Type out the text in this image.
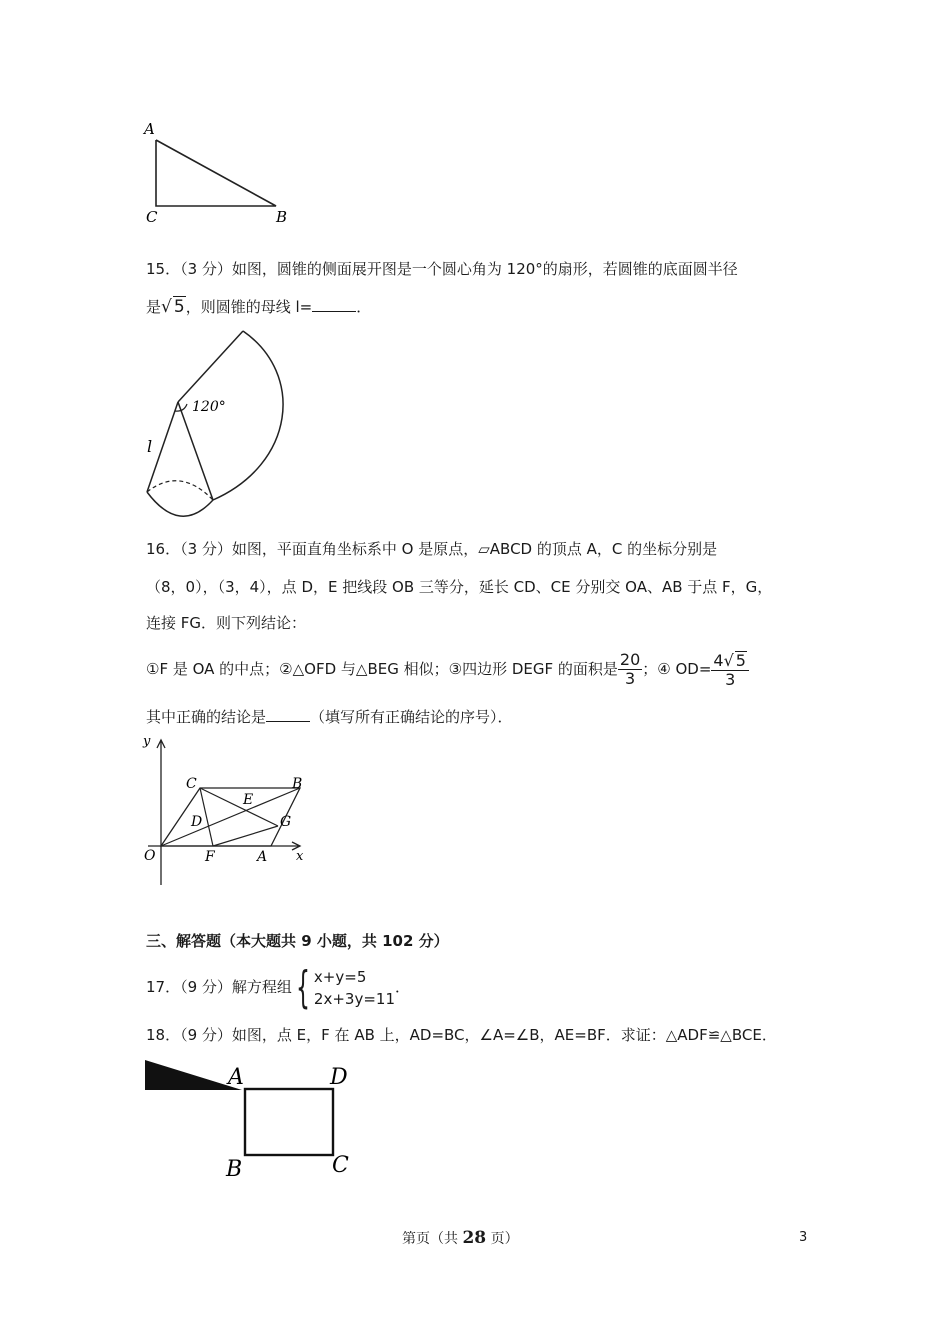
A
C	B
15．（3 分）如图，圆锥的侧面展开图是一个圆心角为 120°的扇形，若圆锥的底面圆半径
是√ 5，则圆锥的母线 l=	．
120°
l
16．（3 分）如图，平面直角坐标系中 O 是原点，▱ABCD 的顶点 A，C 的坐标分别是
（8，0），（3，4），点 D，E 把线段 OB 三等分，延长 CD、CE 分别交 OA、AB 于点 F，G，
连接 FG．则下列结论：
①F 是 OA 的中点；②△OFD 与△BEG 相似；③四边形 DEGF 的面积是 $\frac{20}{3}$ ；④ $OD= \frac{4√ 5}{3}$
其中正确的结论是	（填写所有正确结论的序号）．
y
x
O
C	B
E
D	G
F	A
三、解答题（本大题共 9 小题，共 102 分）
17．（9 分）解方程组{ x+y=5
2x+3y=11
．
18．（9 分）如图，点 E，F 在 AB 上，AD=BC，∠A=∠B，AE=BF．求证：△ADF≌△BCE．
A	D
B	C
第页（共 28 页）	3
